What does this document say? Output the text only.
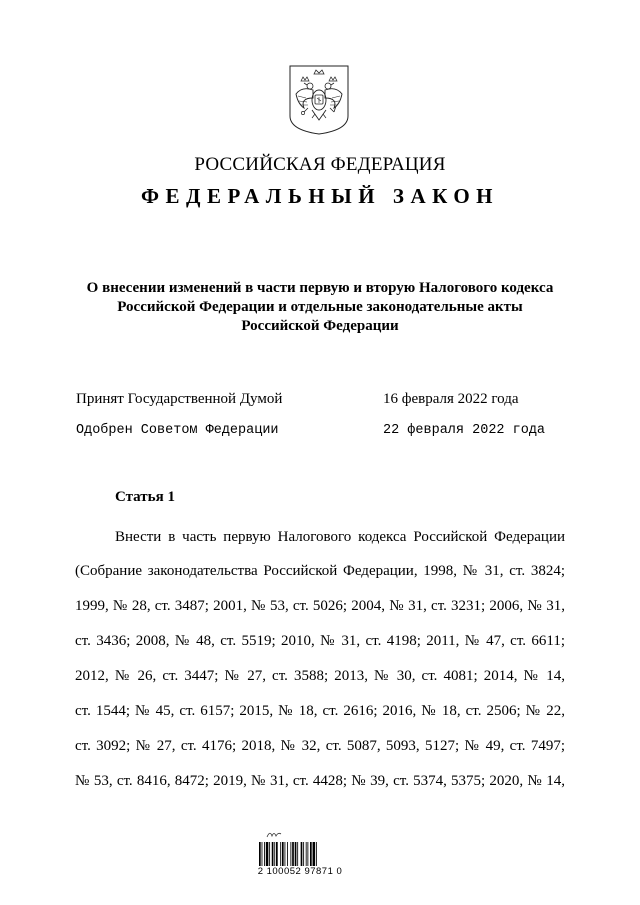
РОССИЙСКАЯ ФЕДЕРАЦИЯ
ФЕДЕРАЛЬНЫЙ ЗАКОН
О внесении изменений в части первую и вторую Налогового кодекса
Российской Федерации и отдельные законодательные акты
Российской Федерации
Принят Государственной Думой	16 февраля 2022 года
Одобрен Советом Федерации	22 февраля 2022 года
Статья 1
Внести в часть первую Налогового кодекса Российской Федерации
(Собрание законодательства Российской Федерации, 1998, № 31, ст. 3824;
1999, № 28, ст. 3487; 2001, № 53, ст. 5026; 2004, № 31, ст. 3231; 2006, № 31,
ст. 3436; 2008, № 48, ст. 5519; 2010, № 31, ст. 4198; 2011, № 47, ст. 6611;
2012, № 26, ст. 3447; № 27, ст. 3588; 2013, № 30, ст. 4081; 2014, № 14,
ст. 1544; № 45, ст. 6157; 2015, № 18, ст. 2616; 2016, № 18, ст. 2506; № 22,
ст. 3092; № 27, ст. 4176; 2018, № 32, ст. 5087, 5093, 5127; № 49, ст. 7497;
№ 53, ст. 8416, 8472; 2019, № 31, ст. 4428; № 39, ст. 5374, 5375; 2020, № 14,
2 100052 97871 0
